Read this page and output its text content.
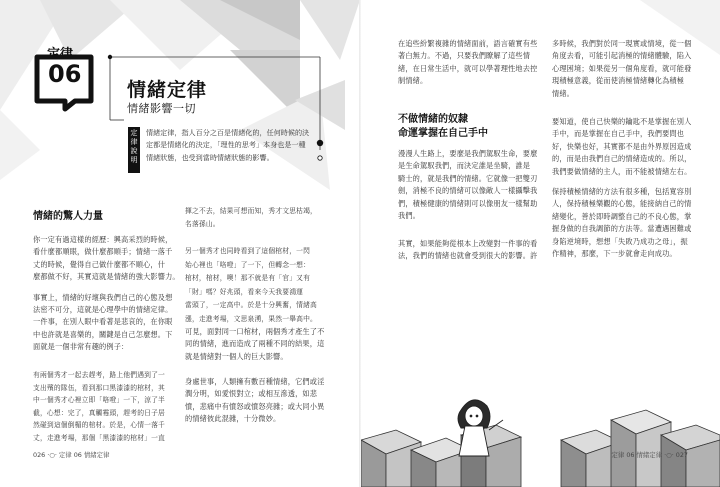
定律
06
情緒定律
情緒影響一切
定律說明
情緒定律，指人百分之百是情緒化的，任何時候的決
定都是情緒化的決定，「理性的思考」本身也是一種
情緒狀態，也受到當時情緒狀態的影響。
情緒的驚人力量
你一定有過這樣的經歷：興高采烈的時候，
看什麼都順眼，做什麼都順手；情緒一落千
丈的時候，覺得自己做什麼都不順心，什
麼都做不好，其實這就是情緒的強大影響力。
事實上，情緒的好壞與我們自己的心態及想
法密不可分，這就是心理學中的情緒定律。
一件事，在別人眼中看著是悲哀的，在你眼
中也許就是喜樂的，關鍵是自己怎麼想。下
面就是一個非常有趣的例子：
有兩個秀才一起去趕考，路上他們遇到了一
支出殯的隊伍，看到那口黑漆漆的棺材，其
中一個秀才心裡立即「咯噔」一下，涼了半
截，心想：完了，真觸霉頭，趕考的日子居
然碰到這個倒楣的棺材。於是，心情一落千
丈，走進考場，那個「黑漆漆的棺材」一直
揮之不去，結果可想而知，秀才文思枯竭，
名落孫山。
另一個秀才也同時看到了這個棺材，一閃
始心裡也「咯噔」了一下，但轉念一想：
棺材，棺材，噢！那不就是有「官」又有
「財」嗎？好兆頭，看來今天我要鴻運
當頭了，一定高中。於是十分興奮，情緒高
漲，走進考場，文思泉湧，果然一舉高中。
可見，面對同一口棺材，兩個秀才產生了不
同的情緒，進而造成了兩種不同的結果，這
就是情緒對一個人的巨大影響。
身處世事，人類擁有數百種情緒，它們或淫
潤分明，如愛恨對立；或相互滲透，如悲
憤，悲痛中有憤怒或憤怒亮雜；或大同小異
的情緒彼此混雜，十分微妙。
026 ·○· 定律 06 情緒定律
在追些紛繁複雜的情緒面前，語言確實有些
著白無力。不過，只要我們瞭解了這些情
緒，在日常生活中，就可以學著理性地去控
制情緒。
不做情緒的奴隸
命運掌握在自己手中
漫漫人生路上，要麼是我們駕馭生命，要麼
是生命駕馭我們，而決定誰是坐騎，誰是
騎士的，就是我們的情緒。它就像一把雙刃
劍，消極不良的情緒可以像敵人一樣攝擊我
們，積極健康的情緒則可以像朋友一樣幫助
我們。
其實，如果能夠從根本上改變對一件事的看
法，我們的情緒也就會受到很大的影響。許
多時候，我們對於同一現實或情境，從一個
角度去看，可能引起消極的情緒體驗，陷入
心理困境；如果從另一個角度看，就可能發
現積極意義，從而使消極情緒轉化為積極
情緒。
要知道，使自己快樂的鑰匙不是掌握在別人
手中，而是掌握在自己手中，我們要問也
好，快樂也好，其實都不是由外界原因造成
的，而是由我們自己的情緒造成的。所以，
我們要做情緒的主人，而不能被情緒左右。
保持積極情緒的方法有很多種，包括寬容別
人，保持積極樂觀的心態，能接納自己的情
緒變化，善於即時調整自己的不良心態，掌
握身做的自我調節的方法等。當遭遇困難或
身陷逆境時，想想「失敗乃成功之母」，振
作精神，那麼，下一步就會走向成功。
定律 06 情緒定律 ·○· 027
